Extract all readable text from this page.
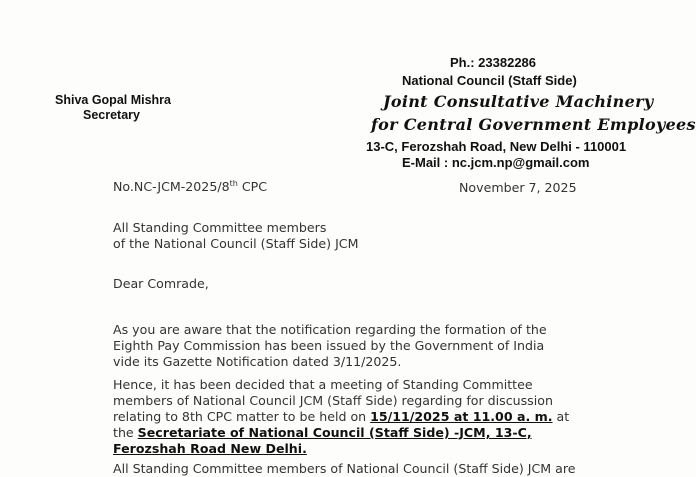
Shiva Gopal Mishra
Secretary
Ph.: 23382286
National Council (Staff Side)
Joint Consultative Machinery
for Central Government Employees
13-C, Ferozshah Road, New Delhi - 110001
E-Mail : nc.jcm.np@gmail.com
No.NC-JCM-2025/8th CPC	November 7, 2025
All Standing Committee members
of the National Council (Staff Side) JCM
Dear Comrade,
As you are aware that the notification regarding the formation of the Eighth Pay Commission has been issued by the Government of India vide its Gazette Notification dated 3/11/2025.
Hence, it has been decided that a meeting of Standing Committee members of National Council JCM (Staff Side) regarding for discussion relating to 8th CPC matter to be held on 15/11/2025 at 11.00 a. m. at the Secretariate of National Council (Staff Side) -JCM, 13-C, Ferozshah Road New Delhi.
All Standing Committee members of National Council (Staff Side) JCM are
